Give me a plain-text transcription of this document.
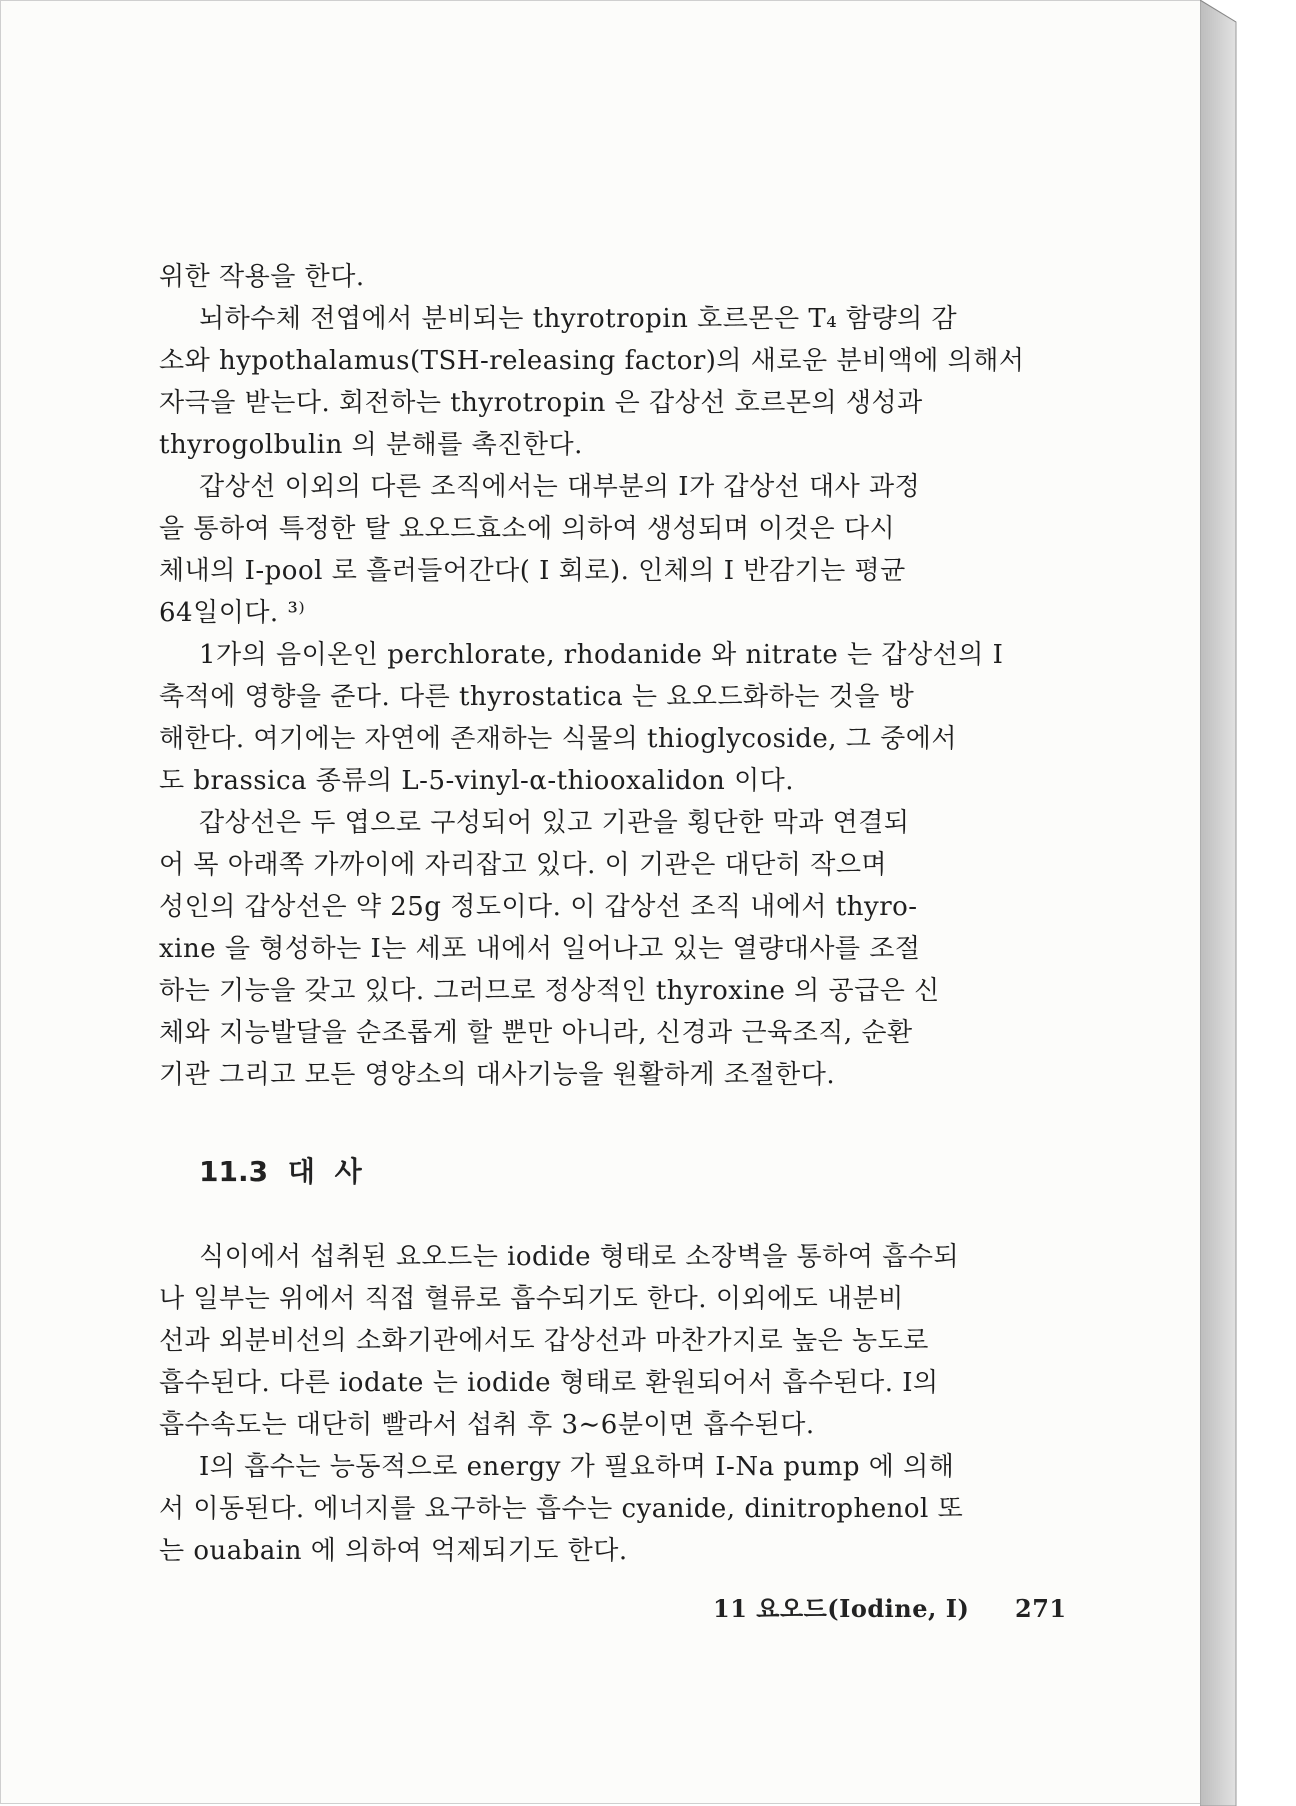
위한 작용을 한다.
뇌하수체 전엽에서 분비되는 thyrotropin 호르몬은 T₄ 함량의 감
소와 hypothalamus(TSH-releasing factor)의 새로운 분비액에 의해서
자극을 받는다. 회전하는 thyrotropin 은 갑상선 호르몬의 생성과
thyrogolbulin 의 분해를 촉진한다.
갑상선 이외의 다른 조직에서는 대부분의 I가 갑상선 대사 과정
을 통하여 특정한 탈 요오드효소에 의하여 생성되며 이것은 다시
체내의 I-pool 로 흘러들어간다( I 회로). 인체의 I 반감기는 평균
64일이다. ³⁾
1가의 음이온인 perchlorate, rhodanide 와 nitrate 는 갑상선의 I
축적에 영향을 준다. 다른 thyrostatica 는 요오드화하는 것을 방
해한다. 여기에는 자연에 존재하는 식물의 thioglycoside, 그 중에서
도 brassica 종류의 L-5-vinyl-α-thiooxalidon 이다.
갑상선은 두 엽으로 구성되어 있고 기관을 횡단한 막과 연결되
어 목 아래쪽 가까이에 자리잡고 있다. 이 기관은 대단히 작으며
성인의 갑상선은 약 25g 정도이다. 이 갑상선 조직 내에서 thyro-
xine 을 형성하는 I는 세포 내에서 일어나고 있는 열량대사를 조절
하는 기능을 갖고 있다. 그러므로 정상적인 thyroxine 의 공급은 신
체와 지능발달을 순조롭게 할 뿐만 아니라, 신경과 근육조직, 순환
기관 그리고 모든 영양소의 대사기능을 원활하게 조절한다.
11.3 대 사
식이에서 섭취된 요오드는 iodide 형태로 소장벽을 통하여 흡수되
나 일부는 위에서 직접 혈류로 흡수되기도 한다. 이외에도 내분비
선과 외분비선의 소화기관에서도 갑상선과 마찬가지로 높은 농도로
흡수된다. 다른 iodate 는 iodide 형태로 환원되어서 흡수된다. I의
흡수속도는 대단히 빨라서 섭취 후 3∼6분이면 흡수된다.
I의 흡수는 능동적으로 energy 가 필요하며 I-Na pump 에 의해
서 이동된다. 에너지를 요구하는 흡수는 cyanide, dinitrophenol 또
는 ouabain 에 의하여 억제되기도 한다.
11 요오드(Iodine, I) 271
